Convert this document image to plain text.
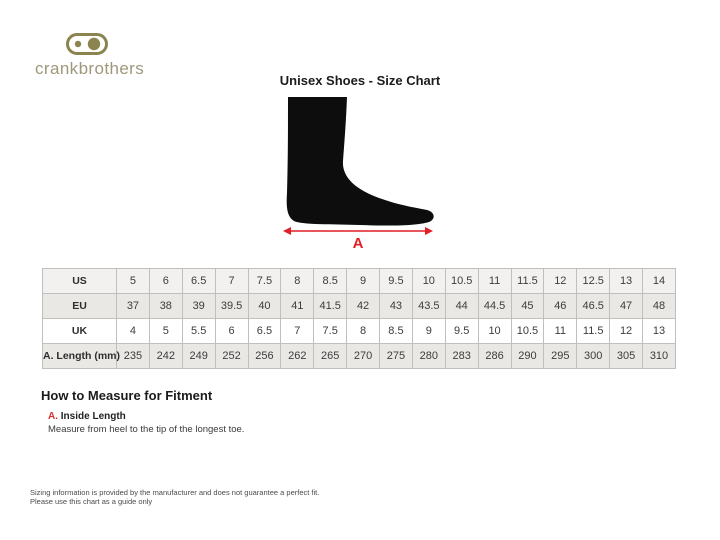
crankbrothers
Unisex Shoes - Size Chart
A
US	5	6	6.5	7	7.5	8	8.5	9	9.5	10	10.5	11	11.5	12	12.5	13	14
EU	37	38	39	39.5	40	41	41.5	42	43	43.5	44	44.5	45	46	46.5	47	48
UK	4	5	5.5	6	6.5	7	7.5	8	8.5	9	9.5	10	10.5	11	11.5	12	13
A. Length (mm)	235	242	249	252	256	262	265	270	275	280	283	286	290	295	300	305	310
How to Measure for Fitment
A. Inside Length
Measure from heel to the tip of the longest toe.
Sizing information is provided by the manufacturer and does not guarantee a perfect fit.
Please use this chart as a guide only
